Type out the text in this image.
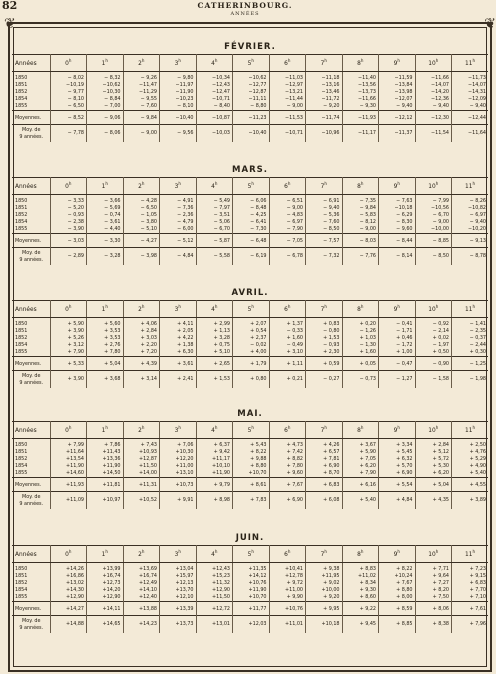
82	CATHERINBOURG.
ANNÉES
❦	❦
FÉVRIER.
Années	0$^h$	1$^h$	2$^h$	3$^h$	4$^h$	5$^h$	6$^h$	7$^h$	8$^h$	9$^h$	10$^h$	11$^h$
1850	− 8,02	− 8,32	− 9,26	− 9,80	−10,34	−10,62	−11,03	−11,18	−11,40	−11,59	−11,66	−11,73
1851	−10,19	−10,62	−11,47	−11,97	−12,43	−12,77	−12,97	−13,16	−13,56	−13,84	−14,07	−14,07
1852	− 9,77	−10,30	−11,29	−11,90	−12,47	−12,87	−13,21	−13,46	−13,73	−13,98	−14,20	−14,31
1854	− 8,10	− 8,84	− 9,55	−10,23	−10,71	−11,11	−11,44	−11,72	−11,66	−12,07	−12,36	−12,09
1855	− 6,50	− 7,00	− 7,60	− 8,10	− 8,40	− 8,80	− 9,00	− 9,20	− 9,30	− 9,40	− 9,40	− 9,40
Moyennes.	− 8,52	− 9,06	− 9,84	−10,40	−10,87	−11,23	−11,53	−11,74	−11,93	−12,12	−12,30	−12,44

Moy. de
9 années.	− 7,78	− 8,06	− 9,00	− 9,56	−10,03	−10,40	−10,71	−10,96	−11,17	−11,37	−11,54	−11,64
MARS.
Années	0$^h$	1$^h$	2$^h$	3$^h$	4$^h$	5$^h$	6$^h$	7$^h$	8$^h$	9$^h$	10$^h$	11$^h$
1850	− 3,33	− 3,66	− 4,28	− 4,91	− 5,49	− 6,06	− 6,51	− 6,91	− 7,35	− 7,63	− 7,99	− 8,26
1851	− 5,20	− 5,69	− 6,50	− 7,36	− 7,97	− 8,48	− 9,00	− 9,40	− 9,84	−10,18	−10,56	−10,82
1852	− 0,93	− 0,74	− 1,05	− 2,36	− 3,51	− 4,25	− 4,83	− 5,36	− 5,83	− 6,29	− 6,70	− 6,97
1854	− 2,38	− 3,61	− 3,80	− 4,79	− 5,06	− 6,41	− 6,97	− 7,60	− 8,12	− 8,30	− 9,00	− 9,40
1855	− 3,90	− 4,40	− 5,10	− 6,00	− 6,70	− 7,30	− 7,90	− 8,50	− 9,00	− 9,60	−10,00	−10,20
Moyennes.	− 3,03	− 3,30	− 4,27	− 5,12	− 5,87	− 6,48	− 7,05	− 7,57	− 8,03	− 8,44	− 8,85	− 9,13

Moy. de
9 années.	− 2,89	− 3,28	− 3,98	− 4,84	− 5,58	− 6,19	− 6,78	− 7,32	− 7,76	− 8,14	− 8,50	− 8,78
AVRIL.
Années	0$^h$	1$^h$	2$^h$	3$^h$	4$^h$	5$^h$	6$^h$	7$^h$	8$^h$	9$^h$	10$^h$	11$^h$
1850	+ 5,90	+ 5,60	+ 4,06	+ 4,11	+ 2,99	+ 2,07	+ 1,37	+ 0,83	+ 0,20	− 0,41	− 0,92	− 1,41
1851	+ 3,90	+ 3,53	+ 2,84	+ 2,05	+ 1,13	+ 0,54	− 0,33	− 0,80	− 1,26	− 1,71	− 2,14	− 2,35
1852	+ 5,26	+ 3,53	+ 3,03	+ 4,22	+ 3,28	+ 2,37	+ 1,60	+ 1,53	+ 1,03	+ 0,46	+ 0,02	− 0,37
1854	+ 3,12	+ 2,76	+ 2,20	+ 1,38	+ 0,75	− 0,02	− 0,49	− 0,93	− 1,30	− 1,72	− 1,97	− 2,44
1855	+ 7,90	+ 7,80	+ 7,20	+ 6,30	+ 5,10	+ 4,00	+ 3,10	+ 2,30	+ 1,60	+ 1,00	+ 0,50	+ 0,30
Moyennes.	+ 5,33	+ 5,04	+ 4,39	+ 3,61	+ 2,65	+ 1,79	+ 1,11	+ 0,59	+ 0,05	− 0,47	− 0,90	− 1,25

Moy. de
9 années.	+ 3,90	+ 3,68	+ 3,14	+ 2,41	+ 1,53	+ 0,80	+ 0,21	− 0,27	− 0,73	− 1,27	− 1,58	− 1,98
MAI.
Années	0$^h$	1$^h$	2$^h$	3$^h$	4$^h$	5$^h$	6$^h$	7$^h$	8$^h$	9$^h$	10$^h$	11$^h$
1850	+ 7,99	+ 7,86	+ 7,43	+ 7,06	+ 6,37	+ 5,43	+ 4,73	+ 4,26	+ 3,67	+ 3,34	+ 2,84	+ 2,50
1851	+11,64	+11,43	+10,93	+10,30	+ 9,42	+ 8,22	+ 7,42	+ 6,57	+ 5,90	+ 5,45	+ 5,12	+ 4,76
1852	+13,54	+13,36	+12,87	+12,20	+11,17	+ 9,88	+ 8,82	+ 7,81	+ 7,05	+ 6,32	+ 5,72	+ 5,29
1854	+11,90	+11,90	+11,50	+11,00	+10,10	+ 8,80	+ 7,80	+ 6,90	+ 6,20	+ 5,70	+ 5,30	+ 4,90
1855	+14,60	+14,50	+14,00	+13,10	+11,90	+10,70	+ 9,60	+ 8,70	+ 7,90	+ 6,90	+ 6,20	+ 5,40
Moyennes.	+11,93	+11,81	+11,31	+10,73	+ 9,79	+ 8,61	+ 7,67	+ 6,83	+ 6,16	+ 5,54	+ 5,04	+ 4,55

Moy. de
9 années.	+11,09	+10,97	+10,52	+ 9,91	+ 8,98	+ 7,83	+ 6,90	+ 6,08	+ 5,40	+ 4,84	+ 4,35	+ 3,89
JUIN.
Années	0$^h$	1$^h$	2$^h$	3$^h$	4$^h$	5$^h$	6$^h$	7$^h$	8$^h$	9$^h$	10$^h$	11$^h$
1850	+14,26	+13,99	+13,69	+13,04	+12,43	+11,35	+10,41	+ 9,38	+ 8,83	+ 8,22	+ 7,71	+ 7,23
1851	+16,86	+16,74	+16,74	+15,97	+15,23	+14,12	+12,78	+11,95	+11,02	+10,24	+ 9,64	+ 9,15
1852	+13,02	+12,73	+12,49	+12,13	+11,32	+10,76	+ 9,72	+ 9,02	+ 8,34	+ 7,67	+ 7,27	+ 6,83
1854	+14,30	+14,20	+14,10	+13,70	+12,90	+11,90	+11,00	+10,00	+ 9,30	+ 8,80	+ 8,20	+ 7,70
1855	+12,90	+12,90	+12,40	+12,10	+11,50	+10,70	+ 9,90	+ 9,20	+ 8,60	+ 8,00	+ 7,50	+ 7,10
Moyennes.	+14,27	+14,11	+13,88	+13,39	+12,72	+11,77	+10,76	+ 9,95	+ 9,22	+ 8,59	+ 8,06	+ 7,61

Moy. de
9 années.	+14,88	+14,65	+14,23	+13,73	+13,01	+12,03	+11,01	+10,18	+ 9,45	+ 8,85	+ 8,38	+ 7,96
